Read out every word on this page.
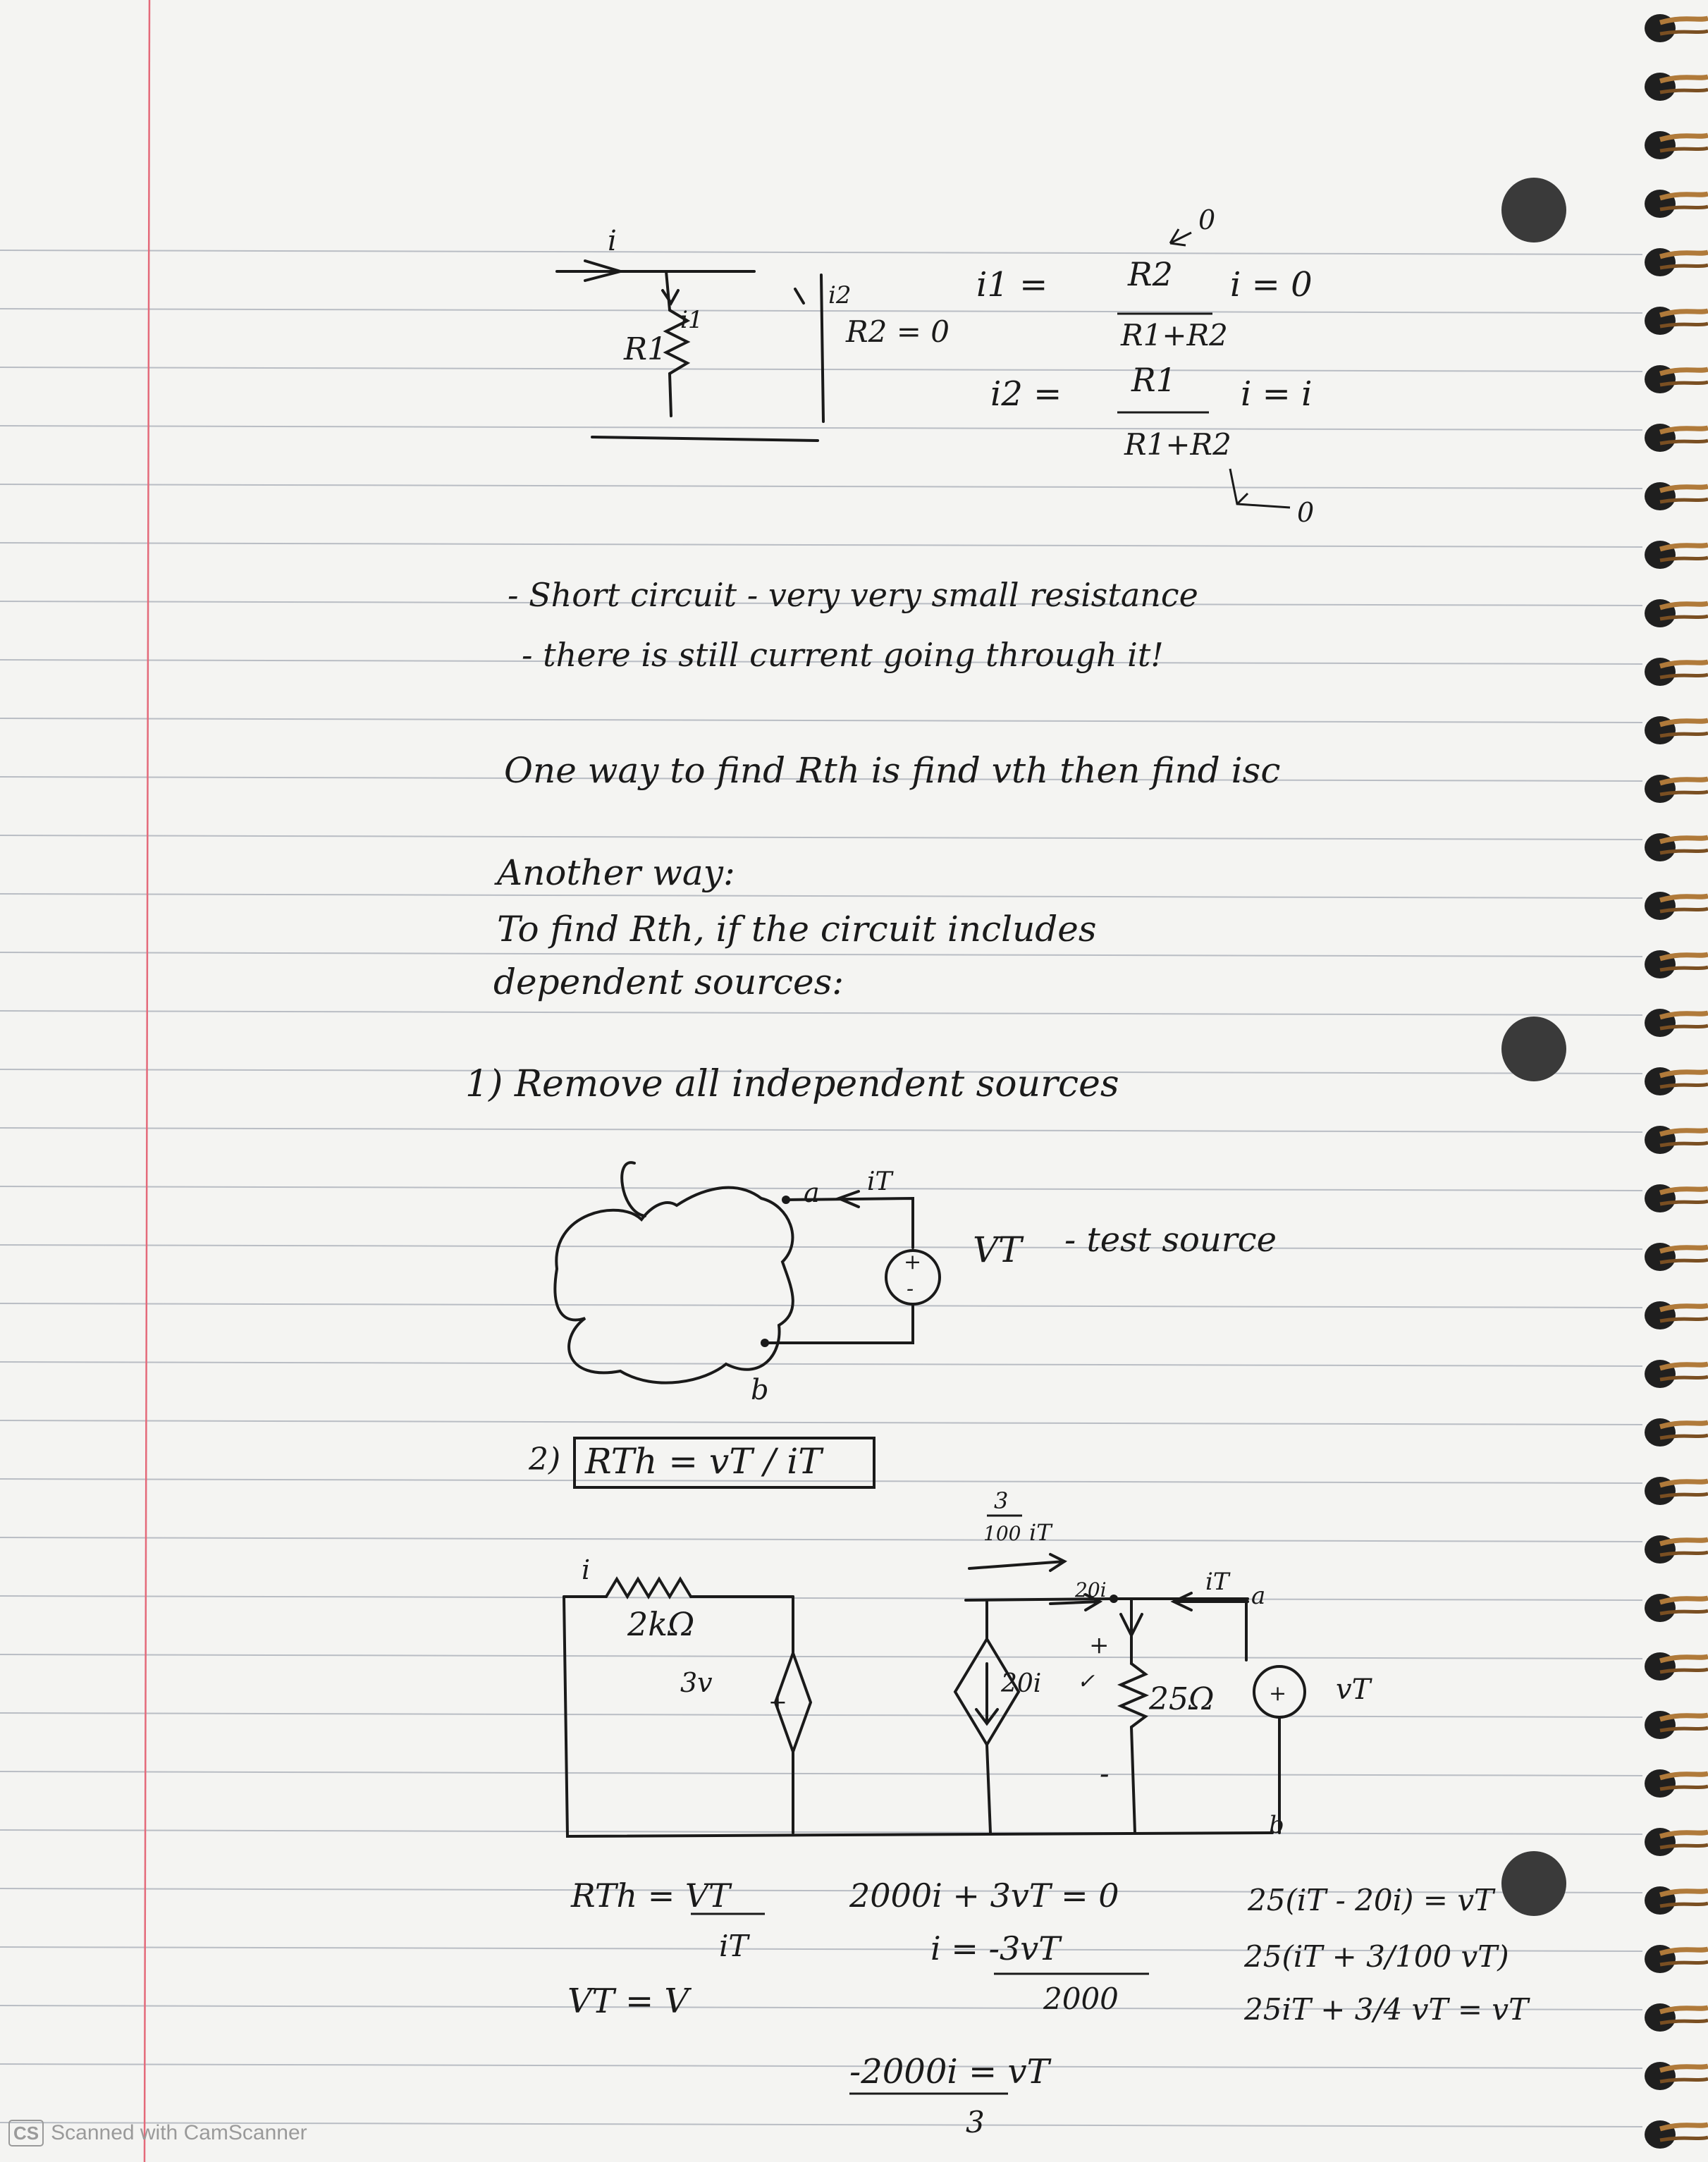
i
i1
i2
R1	R2 = 0
i1 = R2
R1+R2
i = 0
0
i2 = R1
R1+R2
i = i
0
- Short circuit - very very small resistance
- there is still current going through it!
One way to find Rth is find vth then find isc
Another way:
To find Rth, if the circuit includes
dependent sources:
1) Remove all independent sources
a
b
iT
+
-
VT - test source
2) RTh = vT / iT
i
2kΩ
3v
+
20i ✓ 25Ω
+
-
+ vT
iT a
b
20i
3
100 iT
RTh = VT
iT
VT = V
2000i + 3vT = 0
i = -3vT
2000
-2000i = vT
3
25(iT - 20i) = vT
25(iT + 3/100 vT)
25iT + 3/4 vT = vT
CS Scanned with CamScanner
